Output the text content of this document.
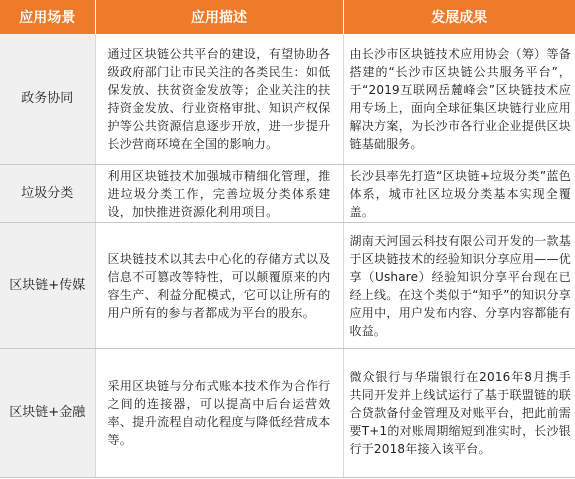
应用场景	应用描述	发展成果
政务协同	通过区块链公共平台的建设，有望协助各级政府部门让市民关注的各类民生：如低保发放、扶贫资金发放等；企业关注的扶持资金发放、行业资格审批、知识产权保护等公共资源信息逐步开放，进一步提升长沙营商环境在全国的影响力。	由长沙市区块链技术应用协会（筹）等备搭建的“长沙市区块链公共服务平台”，于“2019互联网岳麓峰会”区块链技术应用专场上，面向全球征集区块链行业应用解决方案，为长沙市各行业企业提供区块链基础服务。
垃圾分类	利用区块链技术加强城市精细化管理，推进垃圾分类工作，完善垃圾分类体系建设，加快推进资源化利用项目。	长沙县率先打造“区块链+垃圾分类”蓝色体系，城市社区垃圾分类基本实现全覆盖。
区块链+传媒	区块链技术以其去中心化的存储方式以及信息不可篡改等特性，可以颠覆原来的内容生产、利益分配模式，它可以让所有的用户所有的参与者都成为平台的股东。	湖南天河国云科技有限公司开发的一款基于区块链技术的经验知识分享应用——优享（Ushare）经验知识分享平台现在已经上线。在这个类似于“知乎”的知识分享应用中，用户发布内容、分享内容都能有收益。
区块链+金融	采用区块链与分布式账本技术作为合作行之间的连接器，可以提高中后台运营效率、提升流程自动化程度与降低经营成本等。	微众银行与华瑞银行在2016年8月携手共同开发并上线试运行了基于联盟链的联合贷款备付金管理及对账平台，把此前需要T+1的对账周期缩短到准实时，长沙银行于2018年接入该平台。
